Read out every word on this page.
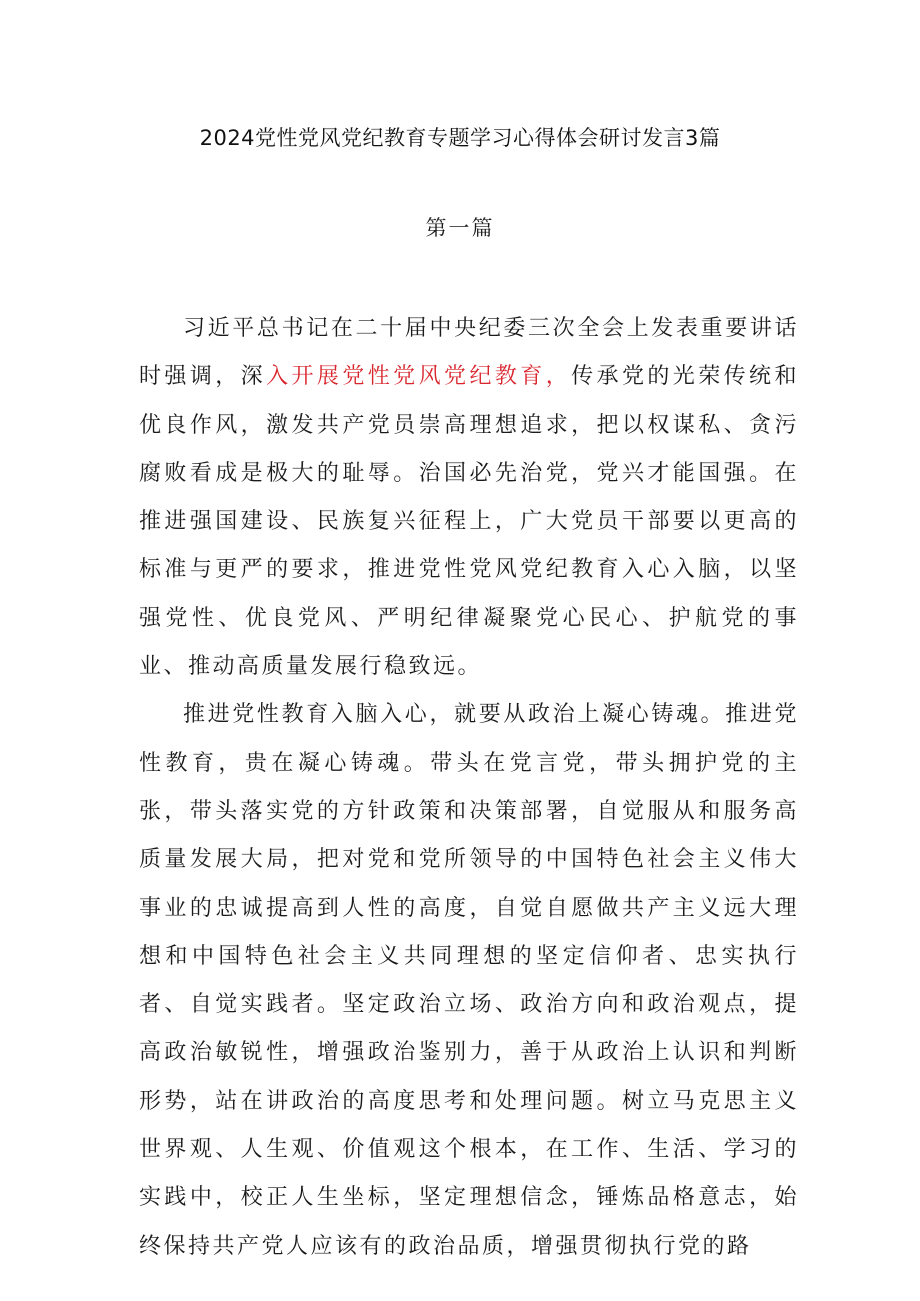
2024党性党风党纪教育专题学习心得体会研讨发言3篇
第一篇

习近平总书记在二十届中央纪委三次全会上发表重要讲话时强调，深入开展党性党风党纪教育，传承党的光荣传统和优良作风，激发共产党员崇高理想追求，把以权谋私、贪污腐败看成是极大的耻辱。治国必先治党，党兴才能国强。在推进强国建设、民族复兴征程上，广大党员干部要以更高的标准与更严的要求，推进党性党风党纪教育入心入脑，以坚强党性、优良党风、严明纪律凝聚党心民心、护航党的事业、推动高质量发展行稳致远。

推进党性教育入脑入心，就要从政治上凝心铸魂。推进党性教育，贵在凝心铸魂。带头在党言党，带头拥护党的主张，带头落实党的方针政策和决策部署，自觉服从和服务高质量发展大局，把对党和党所领导的中国特色社会主义伟大事业的忠诚提高到人性的高度，自觉自愿做共产主义远大理想和中国特色社会主义共同理想的坚定信仰者、忠实执行者、自觉实践者。坚定政治立场、政治方向和政治观点，提高政治敏锐性，增强政治鉴别力，善于从政治上认识和判断形势，站在讲政治的高度思考和处理问题。树立马克思主义世界观、人生观、价值观这个根本，在工作、生活、学习的实践中，校正人生坐标，坚定理想信念，锤炼品格意志，始终保持共产党人应该有的政治品质，增强贯彻执行党的路
